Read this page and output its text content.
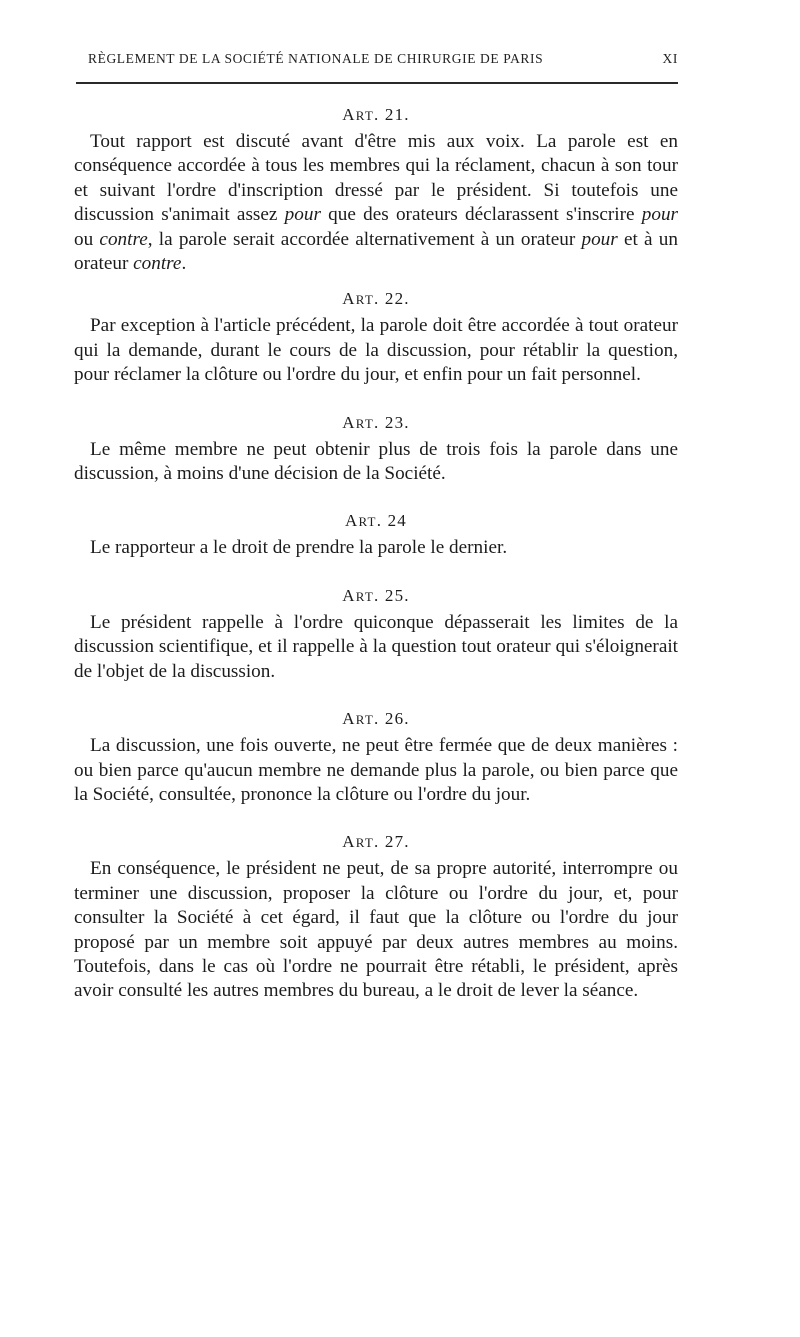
RÈGLEMENT DE LA SOCIÉTÉ NATIONALE DE CHIRURGIE DE PARIS	XI

ART. 21.

Tout rapport est discuté avant d'être mis aux voix. La parole est en conséquence accordée à tous les membres qui la réclament, chacun à son tour et suivant l'ordre d'inscription dressé par le président. Si toutefois une discussion s'animait assez pour que des orateurs déclarassent s'inscrire pour ou contre, la parole serait accordée alternativement à un orateur pour et à un orateur contre.

ART. 22.

Par exception à l'article précédent, la parole doit être accordée à tout orateur qui la demande, durant le cours de la discussion, pour rétablir la question, pour réclamer la clôture ou l'ordre du jour, et enfin pour un fait personnel.

ART. 23.

Le même membre ne peut obtenir plus de trois fois la parole dans une discussion, à moins d'une décision de la Société.

ART. 24

Le rapporteur a le droit de prendre la parole le dernier.

ART. 25.

Le président rappelle à l'ordre quiconque dépasserait les limites de la discussion scientifique, et il rappelle à la question tout orateur qui s'éloignerait de l'objet de la discussion.

ART. 26.

La discussion, une fois ouverte, ne peut être fermée que de deux manières : ou bien parce qu'aucun membre ne demande plus la parole, ou bien parce que la Société, consultée, prononce la clôture ou l'ordre du jour.

ART. 27.

En conséquence, le président ne peut, de sa propre autorité, interrompre ou terminer une discussion, proposer la clôture ou l'ordre du jour, et, pour consulter la Société à cet égard, il faut que la clôture ou l'ordre du jour proposé par un membre soit appuyé par deux autres membres au moins. Toutefois, dans le cas où l'ordre ne pourrait être rétabli, le président, après avoir consulté les autres membres du bureau, a le droit de lever la séance.
